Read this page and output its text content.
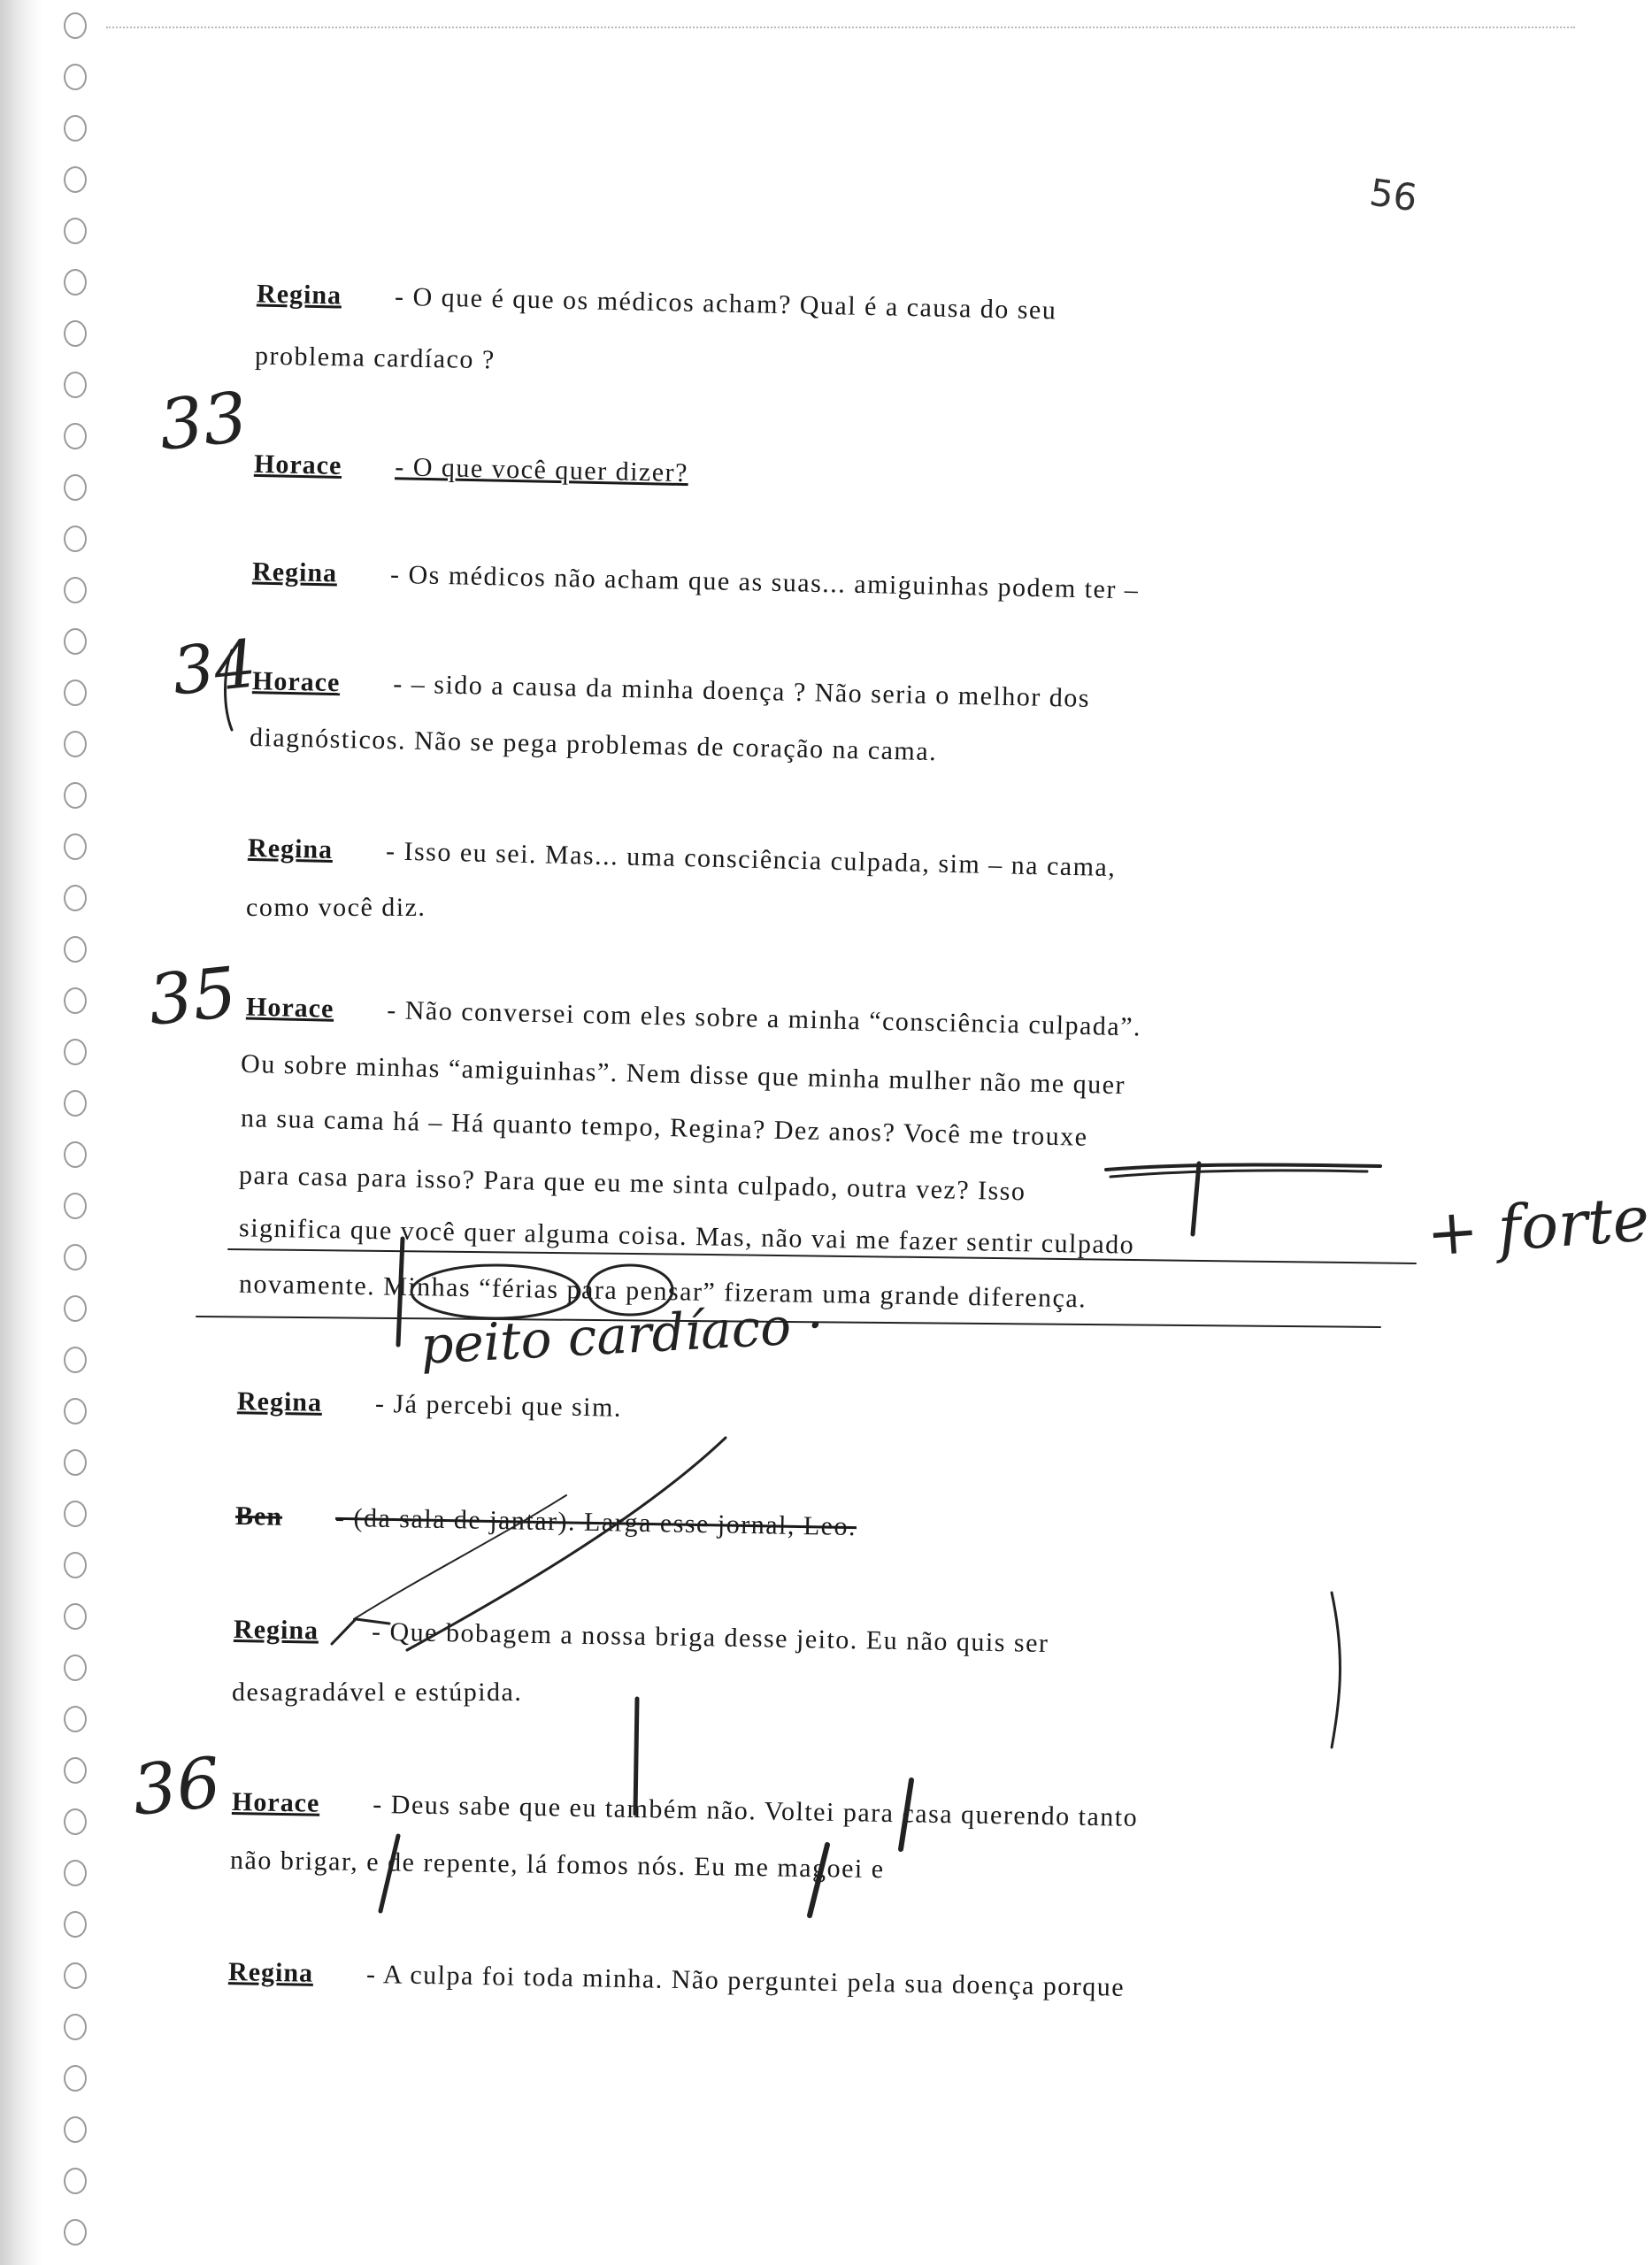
56
Regina - O que é que os médicos acham? Qual é a causa do seu
problema cardíaco ?
Horace - O que você quer dizer?
Regina - Os médicos não acham que as suas... amiguinhas podem ter –
Horace - – sido a causa da minha doença ? Não seria o melhor dos
diagnósticos. Não se pega problemas de coração na cama.
Regina - Isso eu sei. Mas... uma consciência culpada, sim – na cama,
como você diz.
Horace - Não conversei com eles sobre a minha “consciência culpada”.
Ou sobre minhas “amiguinhas”. Nem disse que minha mulher não me quer
na sua cama há – Há quanto tempo, Regina? Dez anos? Você me trouxe
para casa para isso? Para que eu me sinta culpado, outra vez? Isso
significa que você quer alguma coisa. Mas, não vai me fazer sentir culpado
novamente. Minhas “férias para pensar” fizeram uma grande diferença.
Regina - Já percebi que sim.
Ben - (da sala de jantar). Larga esse jornal, Leo.
Regina - Que bobagem a nossa briga desse jeito. Eu não quis ser
desagradável e estúpida.
Horace - Deus sabe que eu também não. Voltei para casa querendo tanto
não brigar, e de repente, lá fomos nós. Eu me magoei e
Regina - A culpa foi toda minha. Não perguntei pela sua doença porque
33
34
35
36
+ forte
peito cardíaco ·
